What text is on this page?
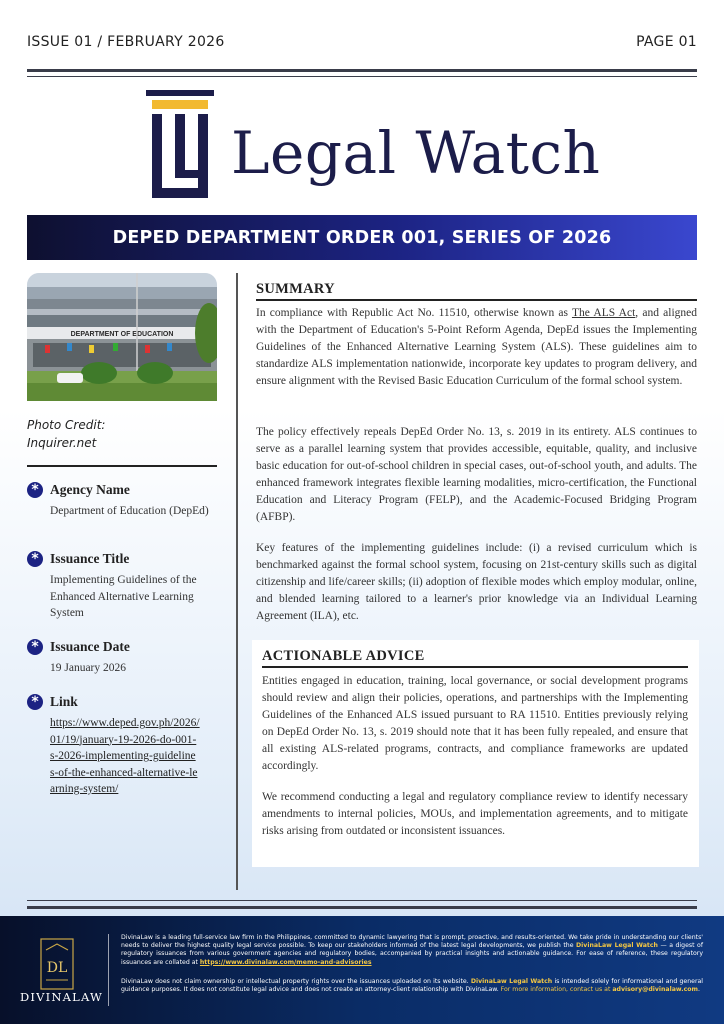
ISSUE 01 / FEBRUARY 2026	PAGE 01
Legal Watch
DEPED DEPARTMENT ORDER 001, SERIES OF 2026
DEPARTMENT OF EDUCATION
Photo Credit:
Inquirer.net
* Agency Name
Department of Education (DepEd)
* Issuance Title
Implementing Guidelines of the Enhanced Alternative Learning System
* Issuance Date
19 January 2026
* Link
https://www.deped.gov.ph/2026/01/19/january-19-2026-do-001-s-2026-implementing-guidelines-of-the-enhanced-alternative-learning-system/
SUMMARY
In compliance with Republic Act No. 11510, otherwise known as The ALS Act, and aligned with the Department of Education's 5-Point Reform Agenda, DepEd issues the Implementing Guidelines of the Enhanced Alternative Learning System (ALS). These guidelines aim to standardize ALS implementation nationwide, incorporate key updates to program delivery, and ensure alignment with the Revised Basic Education Curriculum of the formal school system.
The policy effectively repeals DepEd Order No. 13, s. 2019 in its entirety. ALS continues to serve as a parallel learning system that provides accessible, equitable, quality, and inclusive basic education for out-of-school children in special cases, out-of-school youth, and adults. The enhanced framework integrates flexible learning modalities, micro-certification, the Functional Education and Literacy Program (FELP), and the Academic-Focused Bridging Program (AFBP).
Key features of the implementing guidelines include: (i) a revised curriculum which is benchmarked against the formal school system, focusing on 21st-century skills such as digital citizenship and life/career skills; (ii) adoption of flexible modes which employ modular, online, and blended learning tailored to a learner's prior knowledge via an Individual Learning Agreement (ILA), etc.
ACTIONABLE ADVICE
Entities engaged in education, training, local governance, or social development programs should review and align their policies, operations, and partnerships with the Implementing Guidelines of the Enhanced ALS issued pursuant to RA 11510. Entities previously relying on DepEd Order No. 13, s. 2019 should note that it has been fully repealed, and ensure that all existing ALS-related programs, contracts, and compliance frameworks are updated accordingly.
We recommend conducting a legal and regulatory compliance review to identify necessary amendments to internal policies, MOUs, and implementation agreements, and to mitigate risks arising from outdated or inconsistent issuances.
DL
DIVINALAW
DivinaLaw is a leading full-service law firm in the Philippines, committed to dynamic lawyering that is prompt, proactive, and results-oriented. We take pride in understanding our clients' needs to deliver the highest quality legal service possible. To keep our stakeholders informed of the latest legal developments, we publish the DivinaLaw Legal Watch — a digest of regulatory issuances from various government agencies and regulatory bodies, accompanied by practical insights and actionable guidance. For ease of reference, these regulatory issuances are collated at https://www.divinalaw.com/memo-and-advisories
DivinaLaw does not claim ownership or intellectual property rights over the issuances uploaded on its website. DivinaLaw Legal Watch is intended solely for informational and general guidance purposes. It does not constitute legal advice and does not create an attorney-client relationship with DivinaLaw. For more information, contact us at advisory@divinalaw.com.
